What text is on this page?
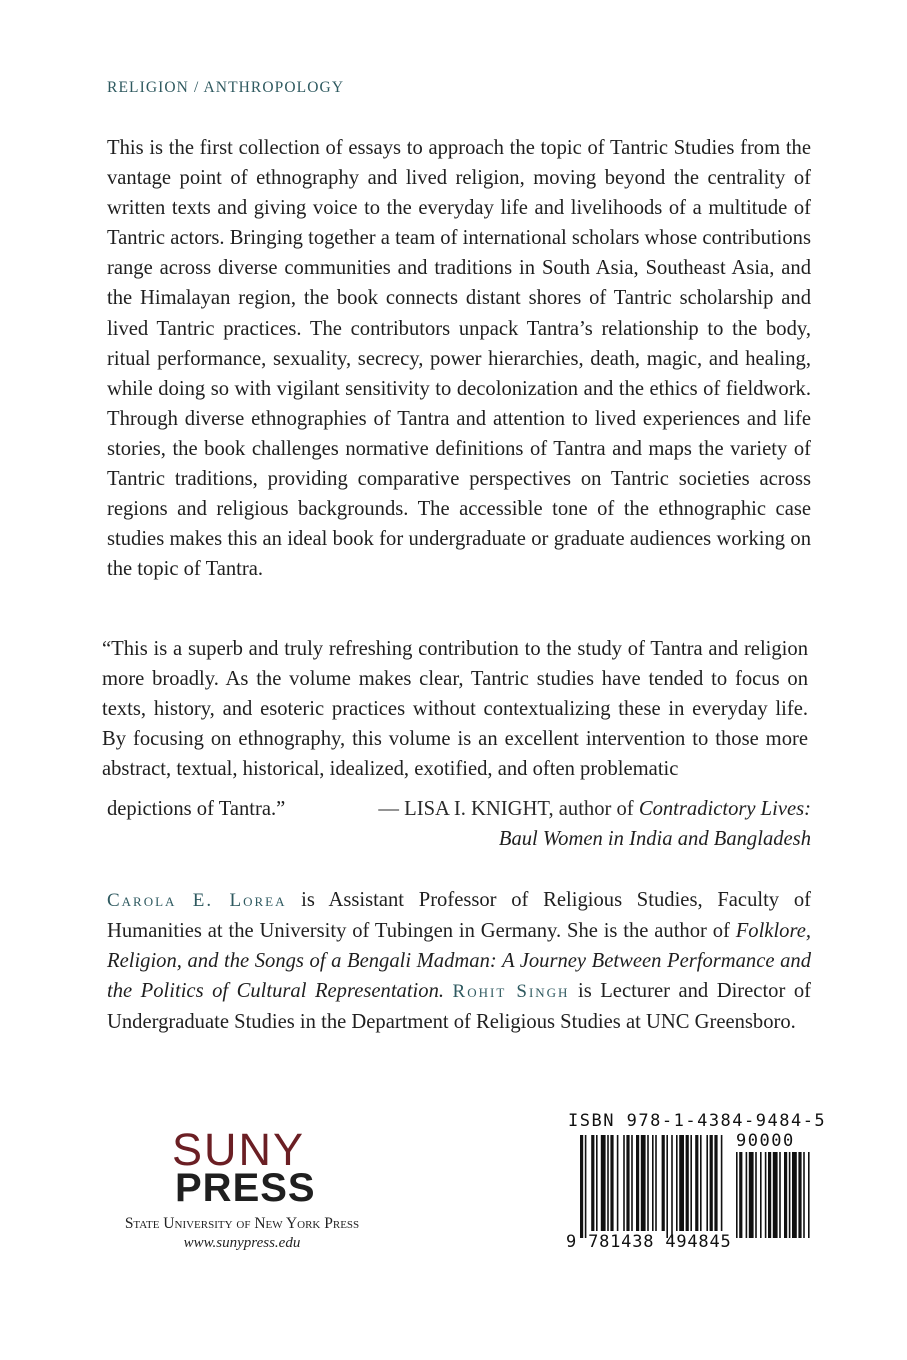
RELIGION / ANTHROPOLOGY

This is the first collection of essays to approach the topic of Tantric Studies from the vantage point of ethnography and lived religion, moving beyond the centrality of written texts and giving voice to the everyday life and livelihoods of a multitude of Tantric actors. Bringing together a team of international scholars whose contributions range across diverse communities and traditions in South Asia, Southeast Asia, and the Himalayan region, the book connects distant shores of Tantric scholarship and lived Tantric practices. The contributors unpack Tantra’s relationship to the body, ritual performance, sexuality, secrecy, power hierarchies, death, magic, and healing, while doing so with vigilant sensitivity to decolonization and the ethics of fieldwork. Through diverse ethnographies of Tantra and attention to lived experiences and life stories, the book challenges normative definitions of Tantra and maps the variety of Tantric traditions, providing comparative perspectives on Tantric societies across regions and religious backgrounds. The accessible tone of the ethnographic case studies makes this an ideal book for undergraduate or graduate audiences working on the topic of Tantra.

“This is a superb and truly refreshing contribution to the study of Tantra and religion more broadly. As the volume makes clear, Tantric studies have tended to focus on texts, history, and esoteric practices without contextualizing these in everyday life. By focusing on ethnography, this volume is an excellent intervention to those more abstract, textual, historical, idealized, exotified, and often problematic

depictions of Tantra.”	— LISA I. KNIGHT, author of Contradictory Lives:
Baul Women in India and Bangladesh

Carola E. Lorea is Assistant Professor of Religious Studies, Faculty of Humanities at the University of Tubingen in Germany. She is the author of Folklore, Religion, and the Songs of a Bengali Madman: A Journey Between Performance and the Politics of Cultural Representation. Rohit Singh is Lecturer and Director of Undergraduate Studies in the Department of Religious Studies at UNC Greensboro.

SUNY
PRESS
State University of New York Press
www.sunypress.edu
ISBN 978-1-4384-9484-5
90000
9 781438 494845
